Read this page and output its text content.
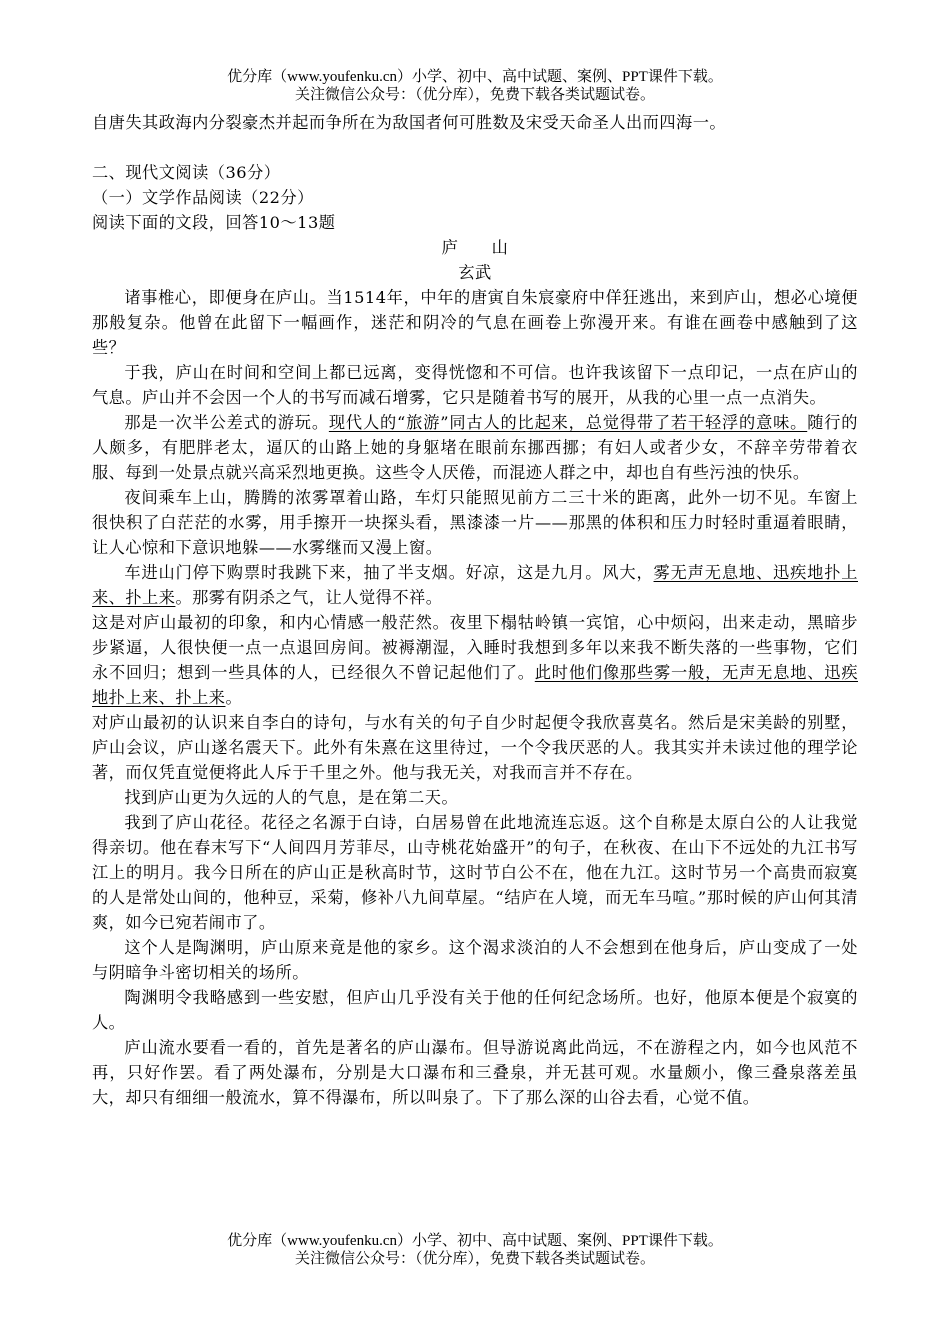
优分库（www.youfenku.cn）小学、初中、高中试题、案例、PPT课件下载。
关注微信公众号：（优分库），免费下载各类试题试卷。

自唐失其政海内分裂豪杰并起而争所在为敌国者何可胜数及宋受天命圣人出而四海一。

二、现代文阅读（36分）

（一）文学作品阅读（22分）

阅读下面的文段，回答10～13题

庐　　山

玄武

诸事椎心，即便身在庐山。当1514年，中年的唐寅自朱宸豪府中佯狂逃出，来到庐山，想必心境便那般复杂。他曾在此留下一幅画作，迷茫和阴冷的气息在画卷上弥漫开来。有谁在画卷中感触到了这些？

于我，庐山在时间和空间上都已远离，变得恍惚和不可信。也许我该留下一点印记，一点在庐山的气息。庐山并不会因一个人的书写而减石增雾，它只是随着书写的展开，从我的心里一点一点消失。

那是一次半公差式的游玩。现代人的“旅游”同古人的比起来，总觉得带了若干轻浮的意味。随行的人颇多，有肥胖老太，逼仄的山路上她的身躯堵在眼前东挪西挪；有妇人或者少女，不辞辛劳带着衣服、每到一处景点就兴高采烈地更换。这些令人厌倦，而混迹人群之中，却也自有些污浊的快乐。

夜间乘车上山，腾腾的浓雾罩着山路，车灯只能照见前方二三十米的距离，此外一切不见。车窗上很快积了白茫茫的水雾，用手擦开一块探头看，黑漆漆一片——那黑的体积和压力时轻时重逼着眼睛，让人心惊和下意识地躲——水雾继而又漫上窗。

车进山门停下购票时我跳下来，抽了半支烟。好凉，这是九月。风大，雾无声无息地、迅疾地扑上来、扑上来。那雾有阴杀之气，让人觉得不祥。

这是对庐山最初的印象，和内心情感一般茫然。夜里下榻牯岭镇一宾馆，心中烦闷，出来走动，黑暗步步紧逼，人很快便一点一点退回房间。被褥潮湿，入睡时我想到多年以来我不断失落的一些事物，它们永不回归；想到一些具体的人，已经很久不曾记起他们了。此时他们像那些雾一般，无声无息地、迅疾地扑上来、扑上来。

对庐山最初的认识来自李白的诗句，与水有关的句子自少时起便令我欣喜莫名。然后是宋美龄的别墅，庐山会议，庐山遂名震天下。此外有朱熹在这里待过，一个令我厌恶的人。我其实并未读过他的理学论著，而仅凭直觉便将此人斥于千里之外。他与我无关，对我而言并不存在。

找到庐山更为久远的人的气息，是在第二天。

我到了庐山花径。花径之名源于白诗，白居易曾在此地流连忘返。这个自称是太原白公的人让我觉得亲切。他在春末写下“人间四月芳菲尽，山寺桃花始盛开”的句子，在秋夜、在山下不远处的九江书写江上的明月。我今日所在的庐山正是秋高时节，这时节白公不在，他在九江。这时节另一个高贵而寂寞的人是常处山间的，他种豆，采菊，修补八九间草屋。“结庐在人境，而无车马喧。”那时候的庐山何其清爽，如今已宛若闹市了。

这个人是陶渊明，庐山原来竟是他的家乡。这个渴求淡泊的人不会想到在他身后，庐山变成了一处与阴暗争斗密切相关的场所。

陶渊明令我略感到一些安慰，但庐山几乎没有关于他的任何纪念场所。也好，他原本便是个寂寞的人。

庐山流水要看一看的，首先是著名的庐山瀑布。但导游说离此尚远，不在游程之内，如今也风范不再，只好作罢。看了两处瀑布，分别是大口瀑布和三叠泉，并无甚可观。水量颇小，像三叠泉落差虽大，却只有细细一般流水，算不得瀑布，所以叫泉了。下了那么深的山谷去看，心觉不值。

优分库（www.youfenku.cn）小学、初中、高中试题、案例、PPT课件下载。
关注微信公众号：（优分库），免费下载各类试题试卷。
